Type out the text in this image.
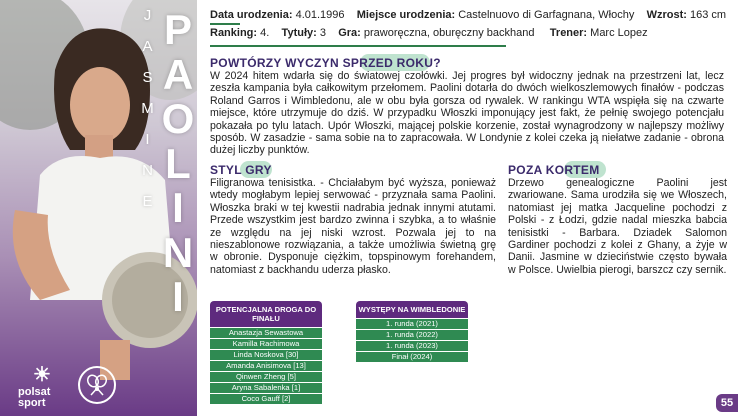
J
A
S
M
I
N
E
P
A
O
L
I
N
I
☀
polsat
sport
Data urodzenia: 4.01.1996 Miejsce urodzenia: Castelnuovo di Garfagnana, Włochy Wzrost: 163 cm
Ranking: 4. Tytuły: 3 Gra: praworęczna, oburęczny backhand Trener: Marc Lopez
POWTÓRZY WYCZYN SPRZED ROKU?

W 2024 hitem wdarła się do światowej czołówki. Jej progres był widoczny jednak na przestrzeni lat, lecz zeszła kampania była całkowitym przełomem. Paolini dotarła do dwóch wielkoszlemowych finałów - podczas Roland Garros i Wimbledonu, ale w obu była gorsza od rywalek. W rankingu WTA wspięła się na czwarte miejsce, które utrzymuje do dziś. W przypadku Włoszki imponujący jest fakt, że pełnię swojego potencjału pokazała po tylu latach. Upór Włoszki, mającej polskie korzenie, został wynagrodzony w najlepszy możliwy sposób. W zasadzie - sama sobie na to zapracowała. W Londynie z kolei czeka ją niełatwe zadanie - obrona dużej liczby punktów.

STYL GRY

Filigranowa tenisistka. - Chciałabym być wyższa, ponieważ wtedy mogłabym lepiej serwować - przyznała sama Paolini. Włoszka braki w tej kwestii nadrabia jednak innymi atutami. Przede wszystkim jest bardzo zwinna i szybka, a to właśnie ze względu na jej niski wzrost. Pozwala jej to na nieszablonowe rozwiązania, a także umożliwia świetną grę w obronie. Dysponuje ciężkim, topspinowym forehandem, natomiast z backhandu uderza płasko.

POZA KORTEM

Drzewo genealogiczne Paolini jest zwariowane. Sama urodziła się we Włoszech, natomiast jej matka Jacqueline pochodzi z Polski - z Łodzi, gdzie nadal mieszka babcia tenisistki - Barbara. Dziadek Salomon Gardiner pochodzi z kolei z Ghany, a żyje w Danii. Jasmine w dzieciństwie często bywała w Polsce. Uwielbia pierogi, barszcz czy sernik.

POTENCJALNA DROGA DO FINAŁU
Anastazja Sewastowa
Kamilla Rachimowa
Linda Noskova [30]
Amanda Anisimova [13]
Qinwen Zheng [5]
Aryna Sabalenka [1]
Coco Gauff [2]
WYSTĘPY NA WIMBLEDONIE
1. runda (2021)
1. runda (2022)
1. runda (2023)
Finał (2024)
55
